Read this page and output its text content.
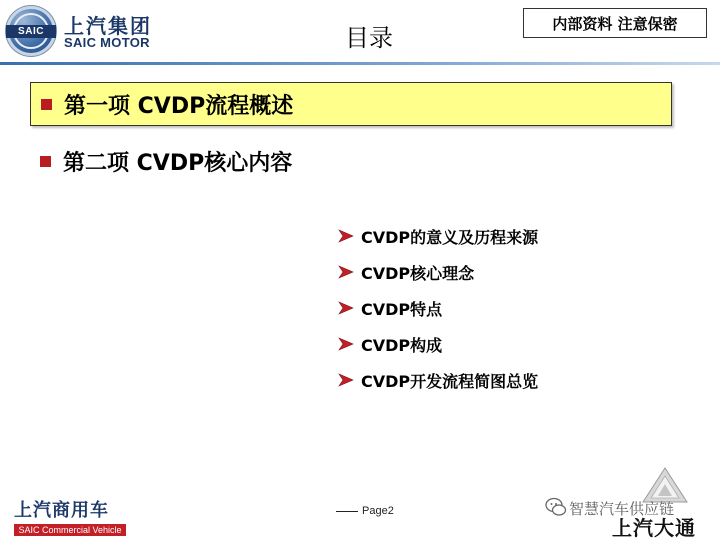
SAIC	上汽集团
SAIC MOTOR	目录
内部资料 注意保密
第一项 CVDP流程概述
第二项 CVDP核心内容
CVDP的意义及历程来源
CVDP核心理念
CVDP特点
CVDP构成
CVDP开发流程简图总览
上汽商用车
SAIC Commercial Vehicle
Page2	智慧汽车供应链
上汽大通
